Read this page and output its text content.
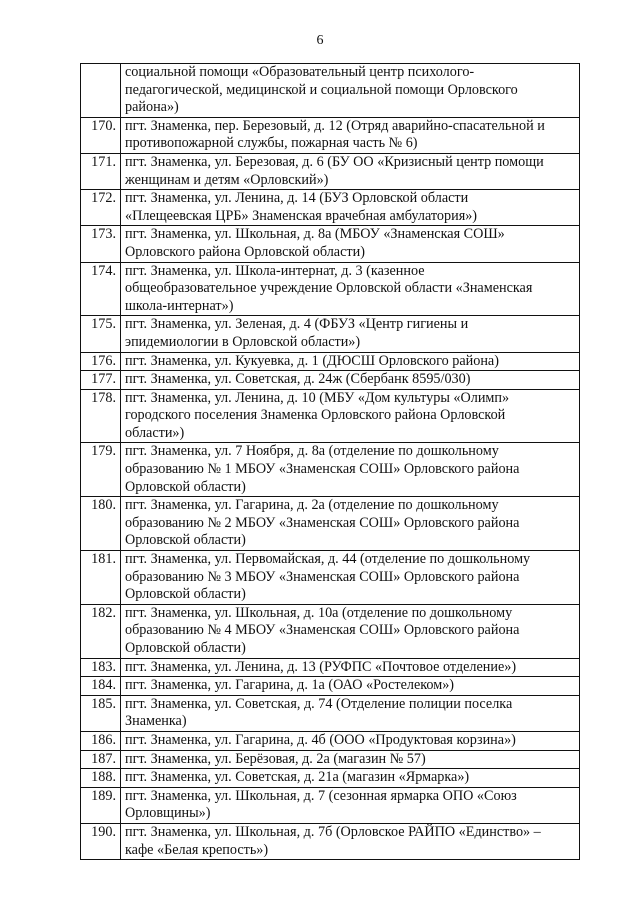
6

	социальной помощи «Образовательный центр психолого-
педагогической, медицинской и социальной помощи Орловского
района»)

170.	пгт. Знаменка, пер. Березовый, д. 12 (Отряд аварийно-спасательной и
противопожарной службы, пожарная часть № 6)

171.	пгт. Знаменка, ул. Березовая, д. 6 (БУ ОО «Кризисный центр помощи
женщинам и детям «Орловский»)

172.	пгт. Знаменка, ул. Ленина, д. 14 (БУЗ Орловской области
«Плещеевская ЦРБ» Знаменская врачебная амбулатория»)

173.	пгт. Знаменка, ул. Школьная, д. 8а (МБОУ «Знаменская СОШ»
Орловского района Орловской области)

174.	пгт. Знаменка, ул. Школа-интернат, д. 3 (казенное
общеобразовательное учреждение Орловской области «Знаменская
школа-интернат»)

175.	пгт. Знаменка, ул. Зеленая, д. 4 (ФБУЗ «Центр гигиены и
эпидемиологии в Орловской области»)

176.	пгт. Знаменка, ул. Кукуевка, д. 1 (ДЮСШ Орловского района)

177.	пгт. Знаменка, ул. Советская, д. 24ж (Сбербанк 8595/030)

178.	пгт. Знаменка, ул. Ленина, д. 10 (МБУ «Дом культуры «Олимп»
городского поселения Знаменка Орловского района Орловской
области»)

179.	пгт. Знаменка, ул. 7 Ноября, д. 8а (отделение по дошкольному
образованию № 1 МБОУ «Знаменская СОШ» Орловского района
Орловской области)

180.	пгт. Знаменка, ул. Гагарина, д. 2а (отделение по дошкольному
образованию № 2 МБОУ «Знаменская СОШ» Орловского района
Орловской области)

181.	пгт. Знаменка, ул. Первомайская, д. 44 (отделение по дошкольному
образованию № 3 МБОУ «Знаменская СОШ» Орловского района
Орловской области)

182.	пгт. Знаменка, ул. Школьная, д. 10а (отделение по дошкольному
образованию № 4 МБОУ «Знаменская СОШ» Орловского района
Орловской области)

183.	пгт. Знаменка, ул. Ленина, д. 13 (РУФПС «Почтовое отделение»)

184.	пгт. Знаменка, ул. Гагарина, д. 1а (ОАО «Ростелеком»)

185.	пгт. Знаменка, ул. Советская, д. 74 (Отделение полиции поселка
Знаменка)

186.	пгт. Знаменка, ул. Гагарина, д. 4б (ООО «Продуктовая корзина»)

187.	пгт. Знаменка, ул. Берёзовая, д. 2а (магазин № 57)

188.	пгт. Знаменка, ул. Советская, д. 21а (магазин «Ярмарка»)

189.	пгт. Знаменка, ул. Школьная, д. 7 (сезонная ярмарка ОПО «Союз
Орловщины»)

190.	пгт. Знаменка, ул. Школьная, д. 7б (Орловское РАЙПО «Единство» –
кафе «Белая крепость»)
